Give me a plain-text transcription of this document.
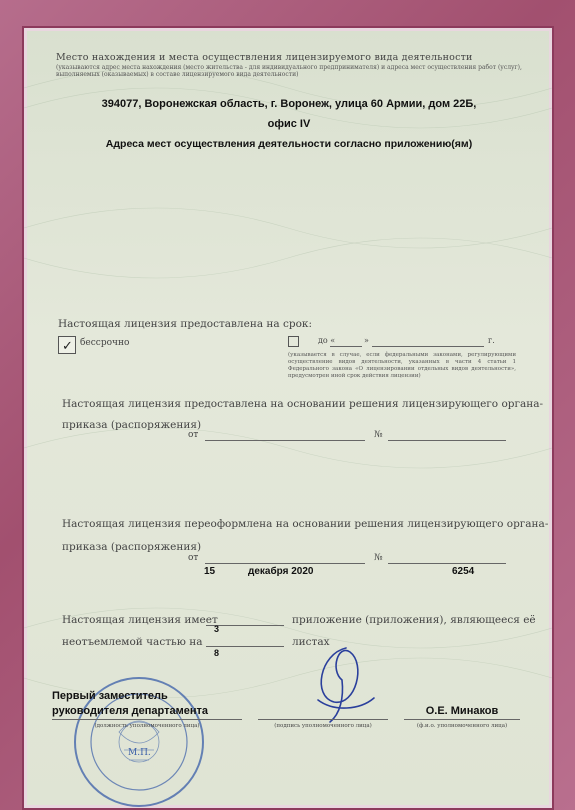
Место нахождения и места осуществления лицензируемого вида деятельности
(указываются адрес места нахождения (место жительства - для индивидуального предпринимателя) и адреса мест осуществления работ (услуг),
выполняемых (оказываемых) в составе лицензируемого вида деятельности)
394077, Воронежская область, г. Воронеж, улица 60 Армии, дом 22Б,
офис IV
Адреса мест осуществления деятельности согласно приложению(ям)
Настоящая лицензия предоставлена на срок:
✓ бессрочно	до «	»	г.
(указывается в случае, если федеральными законами, регулирующими осуществление видов деятельности, указанных в части 4 статьи 1 Федерального закона «О лицензировании отдельных видов деятельности», предусмотрен иной срок действия лицензии)
Настоящая лицензия предоставлена на основании решения лицензирующего органа-
приказа (распоряжения)
от	№
Настоящая лицензия переоформлена на основании решения лицензирующего органа-
приказа (распоряжения)
от	№
15	декабря 2020	6254
Настоящая лицензия имеет	приложение (приложения), являющееся её
3
неотъемлемой частью на	листах
8
М.П.
Первый заместитель
руководителя департамента
(должность уполномоченного лица)	(подпись уполномоченного лица)
О.Е. Минаков
(ф.и.о. уполномоченного лица)
